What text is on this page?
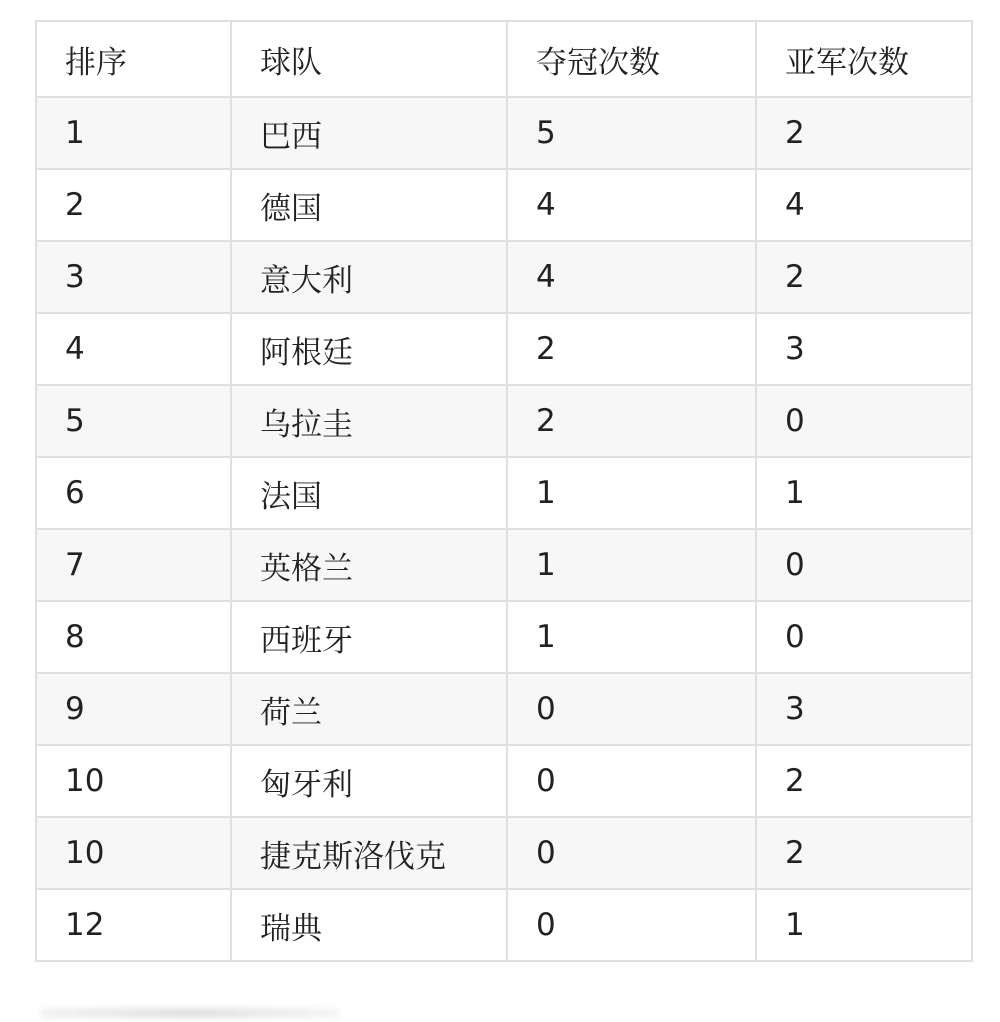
排序	球队	夺冠次数	亚军次数
1	巴西	5	2
2	德国	4	4
3	意大利	4	2
4	阿根廷	2	3
5	乌拉圭	2	0
6	法国	1	1
7	英格兰	1	0
8	西班牙	1	0
9	荷兰	0	3
10	匈牙利	0	2
10	捷克斯洛伐克	0	2
12	瑞典	0	1
